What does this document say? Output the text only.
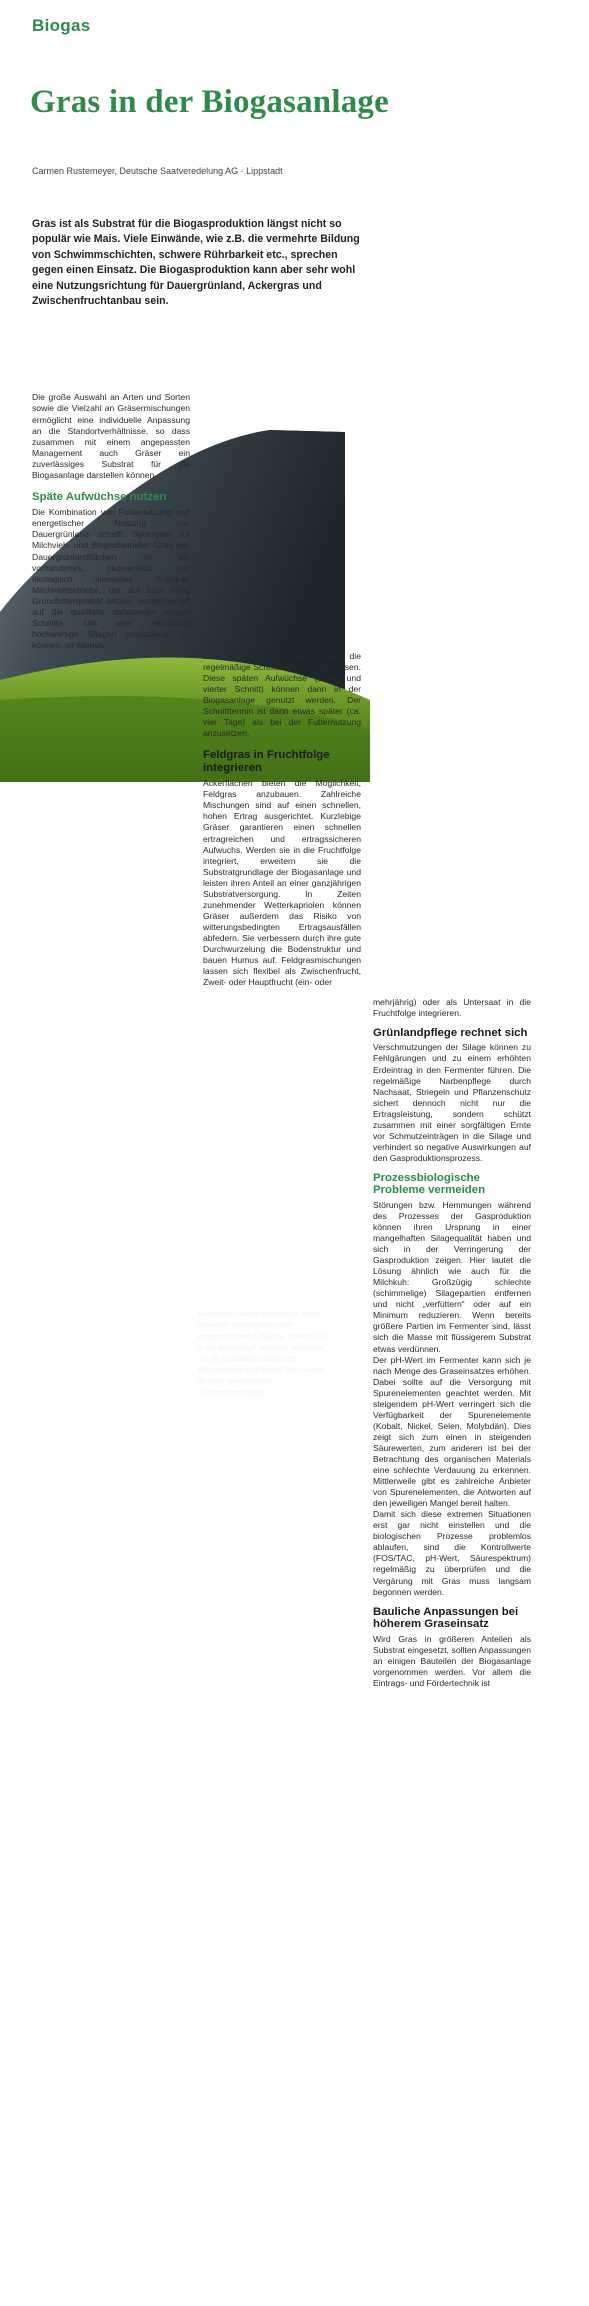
Biogas
Gras in der Biogasanlage
Carmen Rustemeyer, Deutsche Saatveredelung AG · Lippstadt
Gras ist als Substrat für die Biogasproduktion längst nicht so populär wie Mais. Viele Einwände, wie z.B. die vermehrte Bildung von Schwimmschichten, schwere Rührbarkeit etc., sprechen gegen einen Einsatz. Die Biogasproduktion kann aber sehr wohl eine Nutzungsrichtung für Dauergrünland, Ackergras und Zwischenfruchtanbau sein.

Die große Auswahl an Arten und Sorten sowie die Vielzahl an Gräsermischungen ermöglicht eine individuelle Anpassung an die Standortverhältnisse, so dass zusammen mit einem angepassten Management auch Gräser ein zuverlässiges Substrat für die Biogasanlage darstellen können.

Späte Aufwüchse nutzen

Die Kombination von Futternutzung und energetischer Nutzung von Dauergrünland schafft Synergien für Milchvieh- und Biogasbetriebe. Gras von Dauergrünlandflächen ist ein vorhandenes, ökonomisch und ökologisch sinnvolles Substrat. Milchviehbetriebe, die auf eine hohe Grundfutterqualität setzen, verzichten oft auf die qualitativ abfallenden späten Schnitte. Um aber nachhaltig hochwertige Silagen produzieren zu können, ist intensiv

bewirtschaftetes Grünland auf die regelmäßige Schnittnutzung angewiesen. Diese späten Aufwüchse (dritter und vierter Schnitt) können dann in der Biogasanlage genutzt werden. Der Schnitttermin ist dann etwas später (ca. vier Tage) als bei der Futternutzung anzusetzen.

Feldgras in Fruchtfolge integrieren

Ackerflächen bieten die Möglichkeit, Feldgras anzubauen. Zahlreiche Mischungen sind auf einen schnellen, hohen Ertrag ausgerichtet. Kurzlebige Gräser garantieren einen schnellen ertragreichen und ertragssicheren Aufwuchs. Werden sie in die Fruchtfolge integriert, erweitern sie die Substratgrundlage der Biogasanlage und leisten ihren Anteil an einer ganzjährigen Substratversorgung. In Zeiten zunehmender Wetterkapriolen können Gräser außerdem das Risiko von witterungsbedingten Ertragsausfällen abfedern. Sie verbessern durch ihre gute Durchwurzelung die Bodenstruktur und bauen Humus auf. Feldgrasmischungen lassen sich flexibel als Zwischenfrucht, Zweit- oder Hauptfrucht (ein- oder

Kurzlebige Gräser garantieren einen schnellen ertragreichen und ertragssicheren Aufwuchs. Werden sie in die Fruchtfolge integriert, erweitern sie die Substratgrundlage der Biogasanlage und leisten ihren Anteil an einer ganzjährigen Substratversorgung.

mehrjährig) oder als Untersaat in die Fruchtfolge integrieren.

Grünlandpflege rechnet sich

Verschmutzungen der Silage können zu Fehlgärungen und zu einem erhöhten Erdeintrag in den Fermenter führen. Die regelmäßige Narbenpflege durch Nachsaat, Striegeln und Pflanzenschutz sichert dennoch nicht nur die Ertragsleistung, sondern schützt zusammen mit einer sorgfältigen Ernte vor Schmutzeinträgen in die Silage und verhindert so negative Auswirkungen auf den Gasproduktionsprozess.

Prozessbiologische Probleme vermeiden

Störungen bzw. Hemmungen während des Prozesses der Gasproduktion können ihren Ursprung in einer mangelhaften Silagequalität haben und sich in der Verringerung der Gasproduktion zeigen. Hier lautet die Lösung ähnlich wie auch für die Milchkuh: Großzügig schlechte (schimmelige) Silagepartien entfernen und nicht „verfüttern“ oder auf ein Minimum reduzieren. Wenn bereits größere Partien im Fermenter sind, lässt sich die Masse mit flüssigerem Substrat etwas verdünnen.

Der pH-Wert im Fermenter kann sich je nach Menge des Graseinsatzes erhöhen. Dabei sollte auf die Versorgung mit Spurenelementen geachtet werden. Mit steigendem pH-Wert verringert sich die Verfügbarkeit der Spurenelemente (Kobalt, Nickel, Selen, Molybdän). Dies zeigt sich zum einen in steigenden Säurewerten, zum anderen ist bei der Betrachtung des organischen Materials eine schlechte Verdauung zu erkennen. Mittlerweile gibt es zahlreiche Anbieter von Spurenelementen, die Antworten auf den jeweiligen Mangel bereit halten.

Damit sich diese extremen Situationen erst gar nicht einstellen und die biologischen Prozesse problemlos ablaufen, sind die Kontrollwerte (FOS/TAC, pH-Wert, Säurespektrum) regelmäßig zu überprüfen und die Vergärung mit Gras muss langsam begonnen werden.

Bauliche Anpassungen bei höherem Graseinsatz

Wird Gras in größeren Anteilen als Substrat eingesetzt, sollten Anpassungen an einigen Bauteilen der Biogasanlage vorgenommen werden. Vor allem die Eintrags- und Fördertechnik ist

16 Innovation 1/2012
